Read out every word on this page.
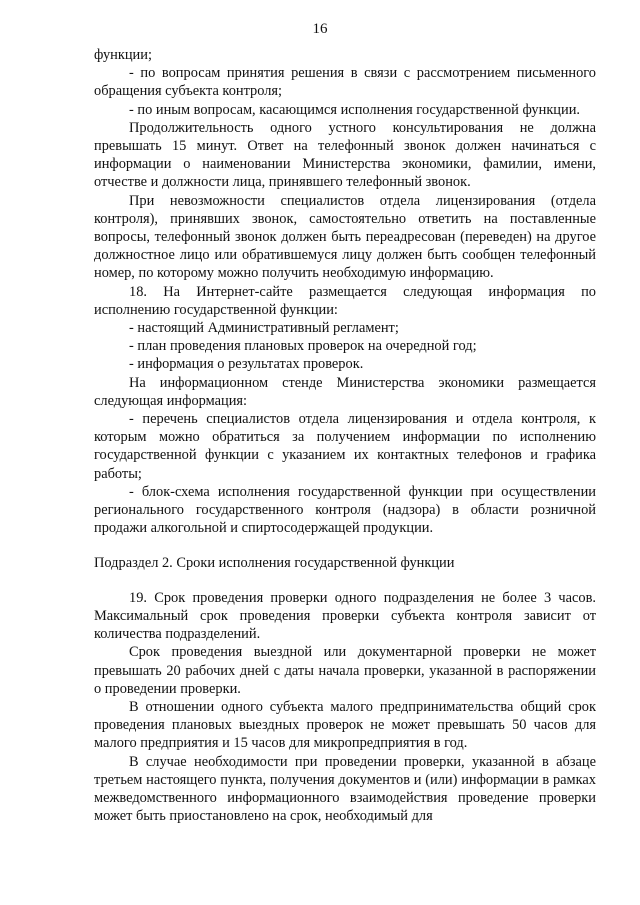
16

функции;

- по вопросам принятия решения в связи с рассмотрением письменного обращения субъекта контроля;

- по иным вопросам, касающимся исполнения государственной функции.

Продолжительность одного устного консультирования не должна превышать 15 минут. Ответ на телефонный звонок должен начинаться с информации о наименовании Министерства экономики, фамилии, имени, отчестве и должности лица, принявшего телефонный звонок.

При невозможности специалистов отдела лицензирования (отдела контроля), принявших звонок, самостоятельно ответить на поставленные вопросы, телефонный звонок должен быть переадресован (переведен) на другое должностное лицо или обратившемуся лицу должен быть сообщен телефонный номер, по которому можно получить необходимую информацию.

18. На Интернет-сайте размещается следующая информация по исполнению государственной функции:

- настоящий Административный регламент;

- план проведения плановых проверок на очередной год;

- информация о результатах проверок.

На информационном стенде Министерства экономики размещается следующая информация:

- перечень специалистов отдела лицензирования и отдела контроля, к которым можно обратиться за получением информации по исполнению государственной функции с указанием их контактных телефонов и графика работы;

- блок-схема исполнения государственной функции при осуществлении регионального государственного контроля (надзора) в области розничной продажи алкогольной и спиртосодержащей продукции.

Подраздел 2. Сроки исполнения государственной функции

19. Срок проведения проверки одного подразделения не более 3 часов. Максимальный срок проведения проверки субъекта контроля зависит от количества подразделений.

Срок проведения выездной или документарной проверки не может превышать 20 рабочих дней с даты начала проверки, указанной в распоряжении о проведении проверки.

В отношении одного субъекта малого предпринимательства общий срок проведения плановых выездных проверок не может превышать 50 часов для малого предприятия и 15 часов для микропредприятия в год.

В случае необходимости при проведении проверки, указанной в абзаце третьем настоящего пункта, получения документов и (или) информации в рамках межведомственного информационного взаимодействия проведение проверки может быть приостановлено на срок, необходимый для
